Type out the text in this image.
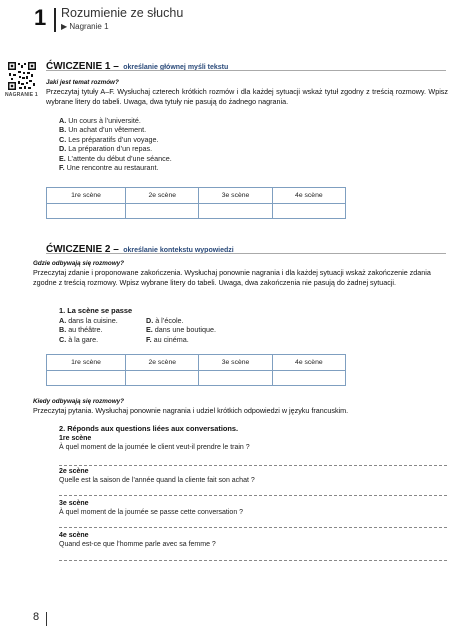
1 Rozumienie ze słuchu
▶ Nagranie 1
NAGRANIE 1
ĆWICZENIE 1 – określanie głównej myśli tekstu
Jaki jest temat rozmów?
Przeczytaj tytuły A–F. Wysłuchaj czterech krótkich rozmów i dla każdej sytuacji wskaż tytuł zgodny z treścią rozmowy. Wpisz wybrane litery do tabeli. Uwaga, dwa tytuły nie pasują do żadnego nagrania.
A. Un cours à l’université.
B. Un achat d’un vêtement.
C. Les préparatifs d’un voyage.
D. La préparation d’un repas.
E. L’attente du début d’une séance.
F. Une rencontre au restaurant.
1re scène	2e scène	3e scène	4e scène

ĆWICZENIE 2 – określanie kontekstu wypowiedzi
Gdzie odbywają się rozmowy?
Przeczytaj zdanie i proponowane zakończenia. Wysłuchaj ponownie nagrania i dla każdej sytuacji wskaż zakończenie zdania zgodne z treścią rozmowy. Wpisz wybrane litery do tabeli. Uwaga, dwa zakończenia nie pasują do żadnej sytuacji.
1. La scène se passe
A. dans la cuisine.
B. au théâtre.
C. à la gare.
D. à l’école.
E. dans une boutique.
F. au cinéma.
1re scène	2e scène	3e scène	4e scène

Kiedy odbywają się rozmowy?
Przeczytaj pytania. Wysłuchaj ponownie nagrania i udziel krótkich odpowiedzi w języku francuskim.
2. Réponds aux questions liées aux conversations.
1re scène
À quel moment de la journée le client veut-il prendre le train ?
2e scène
Quelle est la saison de l’année quand la cliente fait son achat ?
3e scène
À quel moment de la journée se passe cette conversation ?
4e scène
Quand est-ce que l’homme parle avec sa femme ?
8
